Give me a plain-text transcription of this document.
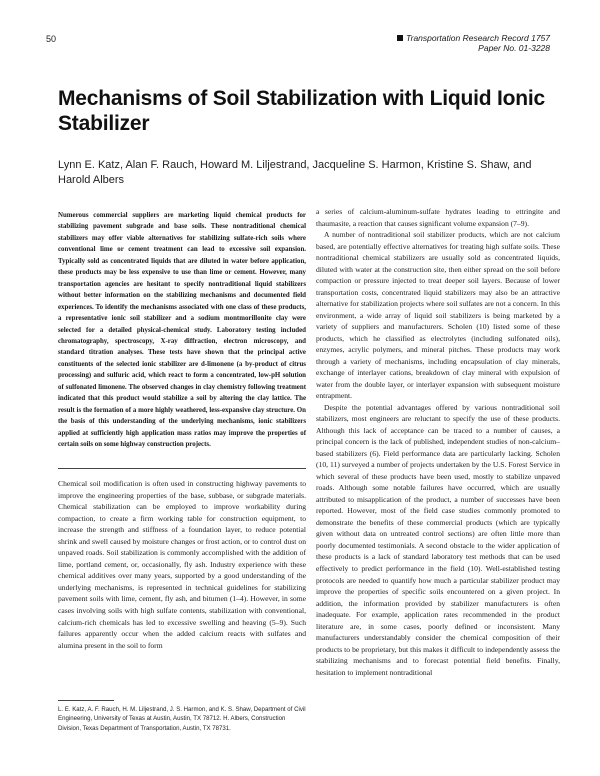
50	Transportation Research Record 1757
Paper No. 01-3228
Mechanisms of Soil Stabilization with Liquid Ionic Stabilizer
Lynn E. Katz, Alan F. Rauch, Howard M. Liljestrand, Jacqueline S. Harmon, Kristine S. Shaw, and Harold Albers
Numerous commercial suppliers are marketing liquid chemical products for stabilizing pavement subgrade and base soils. These nontraditional chemical stabilizers may offer viable alternatives for stabilizing sulfate-rich soils where conventional lime or cement treatment can lead to excessive soil expansion. Typically sold as concentrated liquids that are diluted in water before application, these products may be less expensive to use than lime or cement. However, many transportation agencies are hesitant to specify nontraditional liquid stabilizers without better information on the stabilizing mechanisms and documented field experiences. To identify the mechanisms associated with one class of these products, a representative ionic soil stabilizer and a sodium montmorillonite clay were selected for a detailed physical-chemical study. Laboratory testing included chromatography, spectroscopy, X-ray diffraction, electron microscopy, and standard titration analyses. These tests have shown that the principal active constituents of the selected ionic stabilizer are d-limonene (a by-product of citrus processing) and sulfuric acid, which react to form a concentrated, low-pH solution of sulfonated limonene. The observed changes in clay chemistry following treatment indicated that this product would stabilize a soil by altering the clay lattice. The result is the formation of a more highly weathered, less-expansive clay structure. On the basis of this understanding of the underlying mechanisms, ionic stabilizers applied at sufficiently high application mass ratios may improve the properties of certain soils on some highway construction projects.

Chemical soil modification is often used in constructing highway pavements to improve the engineering properties of the base, subbase, or subgrade materials. Chemical stabilization can be employed to improve workability during compaction, to create a firm working table for construction equipment, to increase the strength and stiffness of a foundation layer, to reduce potential shrink and swell caused by moisture changes or frost action, or to control dust on unpaved roads. Soil stabilization is commonly accomplished with the addition of lime, portland cement, or, occasionally, fly ash. Industry experience with these chemical additives over many years, supported by a good understanding of the underlying mechanisms, is represented in technical guidelines for stabilizing pavement soils with lime, cement, fly ash, and bitumen (1–4). However, in some cases involving soils with high sulfate contents, stabilization with conventional, calcium-rich chemicals has led to excessive swelling and heaving (5–9). Such failures apparently occur when the added calcium reacts with sulfates and alumina present in the soil to form

a series of calcium-aluminum-sulfate hydrates leading to ettringite and thaumasite, a reaction that causes significant volume expansion (7–9).

A number of nontraditional soil stabilizer products, which are not calcium based, are potentially effective alternatives for treating high sulfate soils. These nontraditional chemical stabilizers are usually sold as concentrated liquids, diluted with water at the construction site, then either spread on the soil before compaction or pressure injected to treat deeper soil layers. Because of lower transportation costs, concentrated liquid stabilizers may also be an attractive alternative for stabilization projects where soil sulfates are not a concern. In this environment, a wide array of liquid soil stabilizers is being marketed by a variety of suppliers and manufacturers. Scholen (10) listed some of these products, which he classified as electrolytes (including sulfonated oils), enzymes, acrylic polymers, and mineral pitches. These products may work through a variety of mechanisms, including encapsulation of clay minerals, exchange of interlayer cations, breakdown of clay mineral with expulsion of water from the double layer, or interlayer expansion with subsequent moisture entrapment.

Despite the potential advantages offered by various nontraditional soil stabilizers, most engineers are reluctant to specify the use of these products. Although this lack of acceptance can be traced to a number of causes, a principal concern is the lack of published, independent studies of non-calcium–based stabilizers (6). Field performance data are particularly lacking. Scholen (10, 11) surveyed a number of projects undertaken by the U.S. Forest Service in which several of these products have been used, mostly to stabilize unpaved roads. Although some notable failures have occurred, which are usually attributed to misapplication of the product, a number of successes have been reported. However, most of the field case studies commonly promoted to demonstrate the benefits of these commercial products (which are typically given without data on untreated control sections) are often little more than poorly documented testimonials. A second obstacle to the wider application of these products is a lack of standard laboratory test methods that can be used effectively to predict performance in the field (10). Well-established testing protocols are needed to quantify how much a particular stabilizer product may improve the properties of specific soils encountered on a given project. In addition, the information provided by stabilizer manufacturers is often inadequate. For example, application rates recommended in the product literature are, in some cases, poorly defined or inconsistent. Many manufacturers understandably consider the chemical composition of their products to be proprietary, but this makes it difficult to independently assess the stabilizing mechanisms and to forecast potential field benefits. Finally, hesitation to implement nontraditional

L. E. Katz, A. F. Rauch, H. M. Liljestrand, J. S. Harmon, and K. S. Shaw, Department of Civil Engineering, University of Texas at Austin, Austin, TX 78712. H. Albers, Construction Division, Texas Department of Transportation, Austin, TX 78731.
